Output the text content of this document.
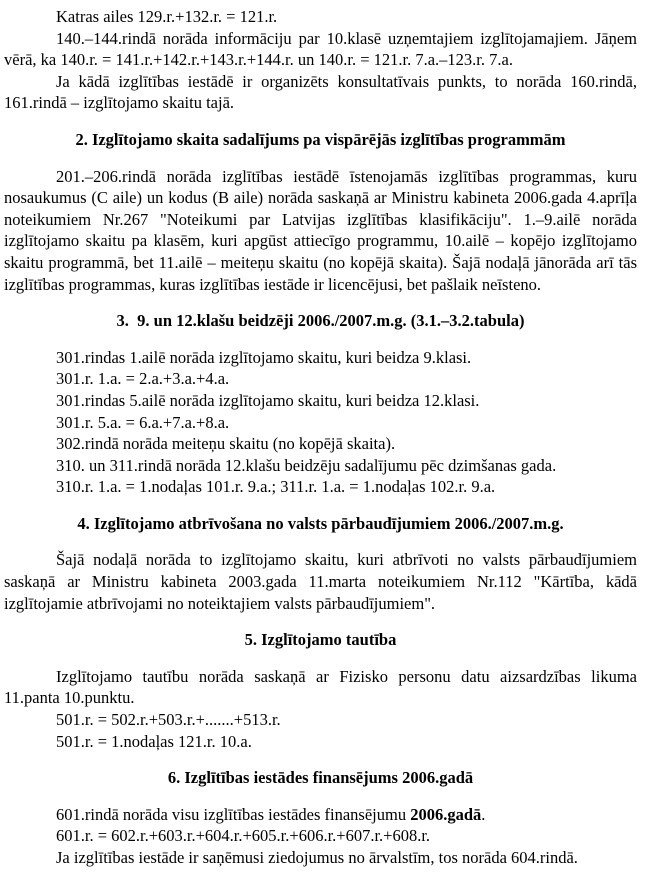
Katras ailes 129.r.+132.r. = 121.r.

140.–144.rindā norāda informāciju par 10.klasē uzņemtajiem izglītojamajiem. Jāņem vērā, ka 140.r. = 141.r.+142.r.+143.r.+144.r. un 140.r. = 121.r. 7.a.–123.r. 7.a.

Ja kādā izglītības iestādē ir organizēts konsultatīvais punkts, to norāda 160.rindā, 161.rindā – izglītojamo skaitu tajā.

2. Izglītojamo skaita sadalījums pa vispārējās izglītības programmām

201.–206.rindā norāda izglītības iestādē īstenojamās izglītības programmas, kuru nosaukumus (C aile) un kodus (B aile) norāda saskaņā ar Ministru kabineta 2006.gada 4.aprīļa noteikumiem Nr.267 "Noteikumi par Latvijas izglītības klasifikāciju". 1.–9.ailē norāda izglītojamo skaitu pa klasēm, kuri apgūst attiecīgo programmu, 10.ailē – kopējo izglītojamo skaitu programmā, bet 11.ailē – meiteņu skaitu (no kopējā skaita). Šajā nodaļā jānorāda arī tās izglītības programmas, kuras izglītības iestāde ir licencējusi, bet pašlaik neīsteno.

3.  9. un 12.klašu beidzēji 2006./2007.m.g. (3.1.–3.2.tabula)

301.rindas 1.ailē norāda izglītojamo skaitu, kuri beidza 9.klasi.

301.r. 1.a. = 2.a.+3.a.+4.a.

301.rindas 5.ailē norāda izglītojamo skaitu, kuri beidza 12.klasi.

301.r. 5.a. = 6.a.+7.a.+8.a.

302.rindā norāda meiteņu skaitu (no kopējā skaita).

310. un 311.rindā norāda 12.klašu beidzēju sadalījumu pēc dzimšanas gada.

310.r. 1.a. = 1.nodaļas 101.r. 9.a.; 311.r. 1.a. = 1.nodaļas 102.r. 9.a.

4. Izglītojamo atbrīvošana no valsts pārbaudījumiem 2006./2007.m.g.

Šajā nodaļā norāda to izglītojamo skaitu, kuri atbrīvoti no valsts pārbaudījumiem saskaņā ar Ministru kabineta 2003.gada 11.marta noteikumiem Nr.112 "Kārtība, kādā izglītojamie atbrīvojami no noteiktajiem valsts pārbaudījumiem".

5. Izglītojamo tautība

Izglītojamo tautību norāda saskaņā ar Fizisko personu datu aizsardzības likuma 11.panta 10.punktu.

501.r. = 502.r.+503.r.+.......+513.r.

501.r. = 1.nodaļas 121.r. 10.a.

6. Izglītības iestādes finansējums 2006.gadā

601.rindā norāda visu izglītības iestādes finansējumu 2006.gadā.

601.r. = 602.r.+603.r.+604.r.+605.r.+606.r.+607.r.+608.r.

Ja izglītības iestāde ir saņēmusi ziedojumus no ārvalstīm, tos norāda 604.rindā.
